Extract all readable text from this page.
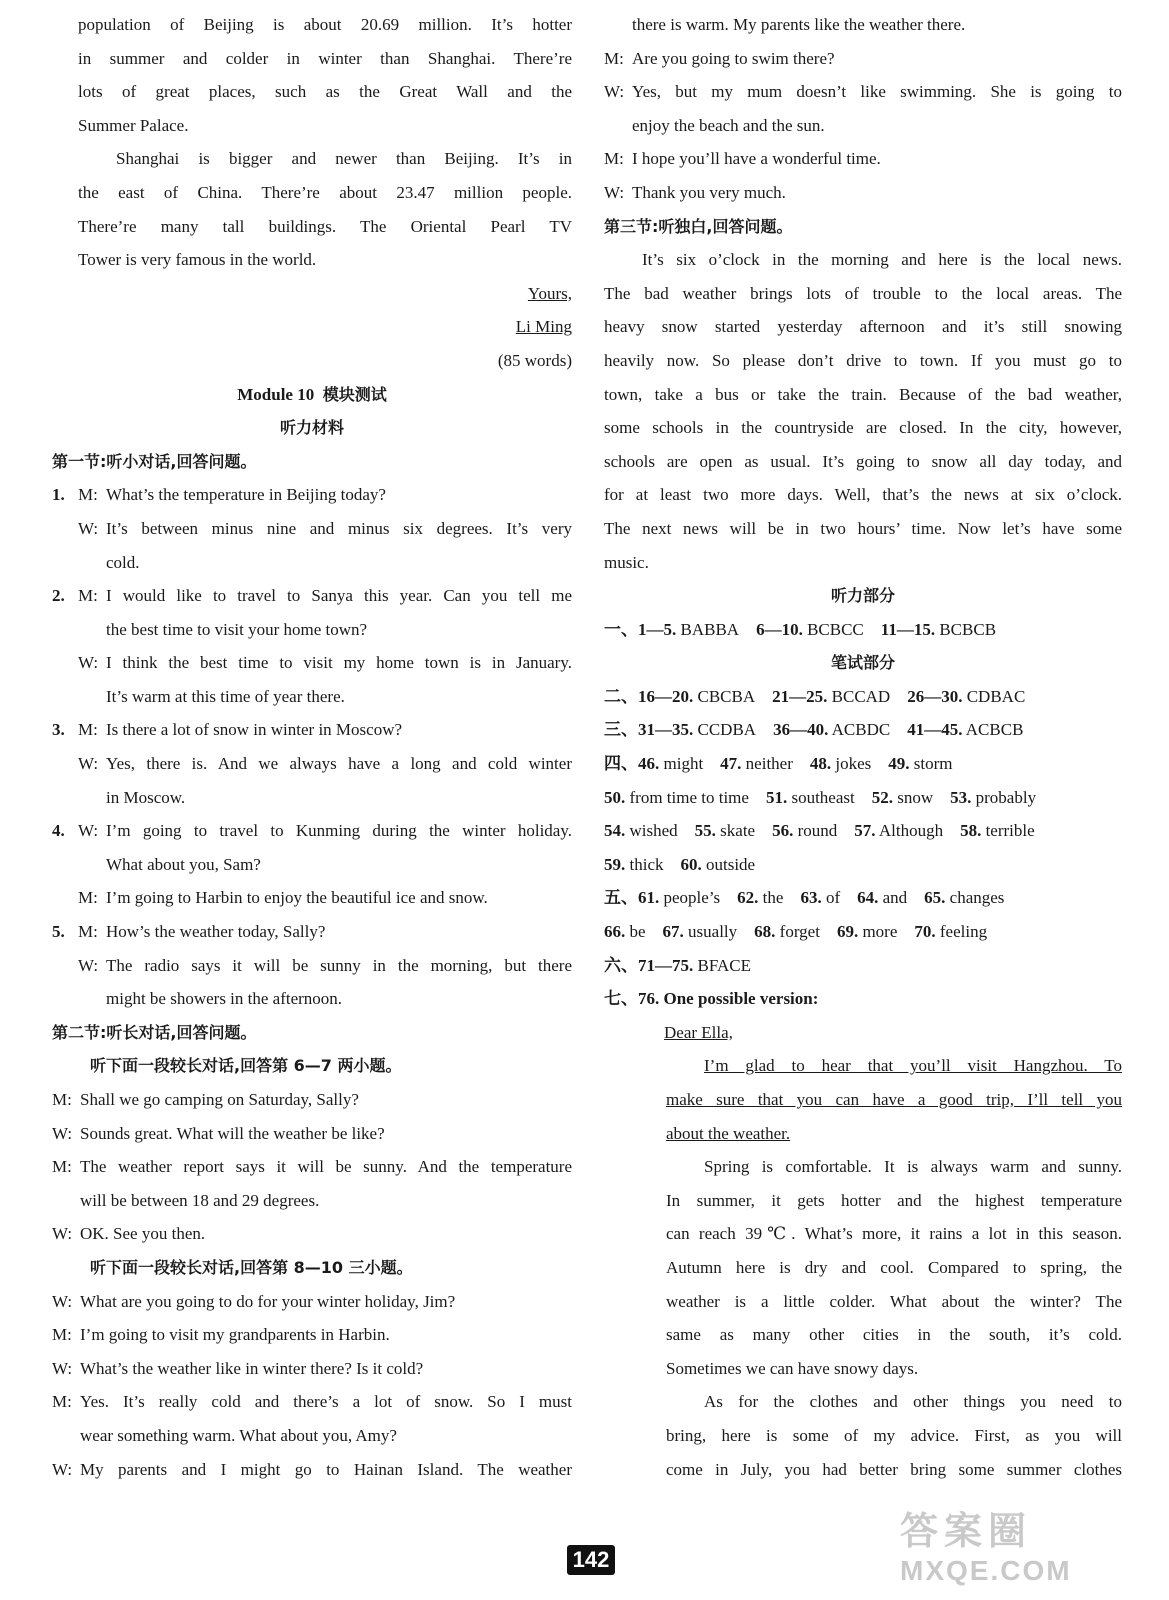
population of Beijing is about 20.69 million. It’s hotter
in summer and colder in winter than Shanghai. There’re
lots of great places, such as the Great Wall and the
Summer Palace.
Shanghai is bigger and newer than Beijing. It’s in
the east of China. There’re about 23.47 million people.
There’re many tall buildings. The Oriental Pearl TV
Tower is very famous in the world.
Yours,
Li Ming
(85 words)
Module 10  模块测试
听力材料
第一节:听小对话,回答问题。
1. M: What’s the temperature in Beijing today?
W: It’s between minus nine and minus six degrees. It’s very
cold.
2. M: I would like to travel to Sanya this year. Can you tell me
the best time to visit your home town?
W: I think the best time to visit my home town is in January.
It’s warm at this time of year there.
3. M: Is there a lot of snow in winter in Moscow?
W: Yes, there is. And we always have a long and cold winter
in Moscow.
4. W: I’m going to travel to Kunming during the winter holiday.
What about you, Sam?
M: I’m going to Harbin to enjoy the beautiful ice and snow.
5. M: How’s the weather today, Sally?
W: The radio says it will be sunny in the morning, but there
might be showers in the afternoon.
第二节:听长对话,回答问题。
听下面一段较长对话,回答第 6—7 两小题。
M: Shall we go camping on Saturday, Sally?
W: Sounds great. What will the weather be like?
M: The weather report says it will be sunny. And the temperature
will be between 18 and 29 degrees.
W: OK. See you then.
听下面一段较长对话,回答第 8—10 三小题。
W: What are you going to do for your winter holiday, Jim?
M: I’m going to visit my grandparents in Harbin.
W: What’s the weather like in winter there? Is it cold?
M: Yes. It’s really cold and there’s a lot of snow. So I must
wear something warm. What about you, Amy?
W: My parents and I might go to Hainan Island. The weather
there is warm. My parents like the weather there.
M: Are you going to swim there?
W: Yes, but my mum doesn’t like swimming. She is going to
enjoy the beach and the sun.
M: I hope you’ll have a wonderful time.
W: Thank you very much.
第三节:听独白,回答问题。
It’s six o’clock in the morning and here is the local news.
The bad weather brings lots of trouble to the local areas. The
heavy snow started yesterday afternoon and it’s still snowing
heavily now. So please don’t drive to town. If you must go to
town, take a bus or take the train. Because of the bad weather,
some schools in the countryside are closed. In the city, however,
schools are open as usual. It’s going to snow all day today, and
for at least two more days. Well, that’s the news at six o’clock.
The next news will be in two hours’ time. Now let’s have some
music.
听力部分
一、1—5. BABBA  6—10. BCBCC  11—15. BCBCB
笔试部分
二、16—20. CBCBA  21—25. BCCAD  26—30. CDBAC
三、31—35. CCDBA  36—40. ACBDC  41—45. ACBCB
四、46. might  47. neither  48. jokes  49. storm
50. from time to time  51. southeast  52. snow  53. probably
54. wished  55. skate  56. round  57. Although  58. terrible
59. thick  60. outside
五、61. people’s  62. the  63. of  64. and  65. changes
66. be  67. usually  68. forget  69. more  70. feeling
六、71—75. BFACE
七、76. One possible version:
Dear Ella,
I’m glad to hear that you’ll visit Hangzhou. To
make sure that you can have a good trip, I’ll tell you
about the weather.
Spring is comfortable. It is always warm and sunny.
In summer, it gets hotter and the highest temperature
can reach 39℃. What’s more, it rains a lot in this season.
Autumn here is dry and cool. Compared to spring, the
weather is a little colder. What about the winter? The
same as many other cities in the south, it’s cold.
Sometimes we can have snowy days.
As for the clothes and other things you need to
bring, here is some of my advice. First, as you will
come in July, you had better bring some summer clothes
142
答案圈
MXQE.COM
